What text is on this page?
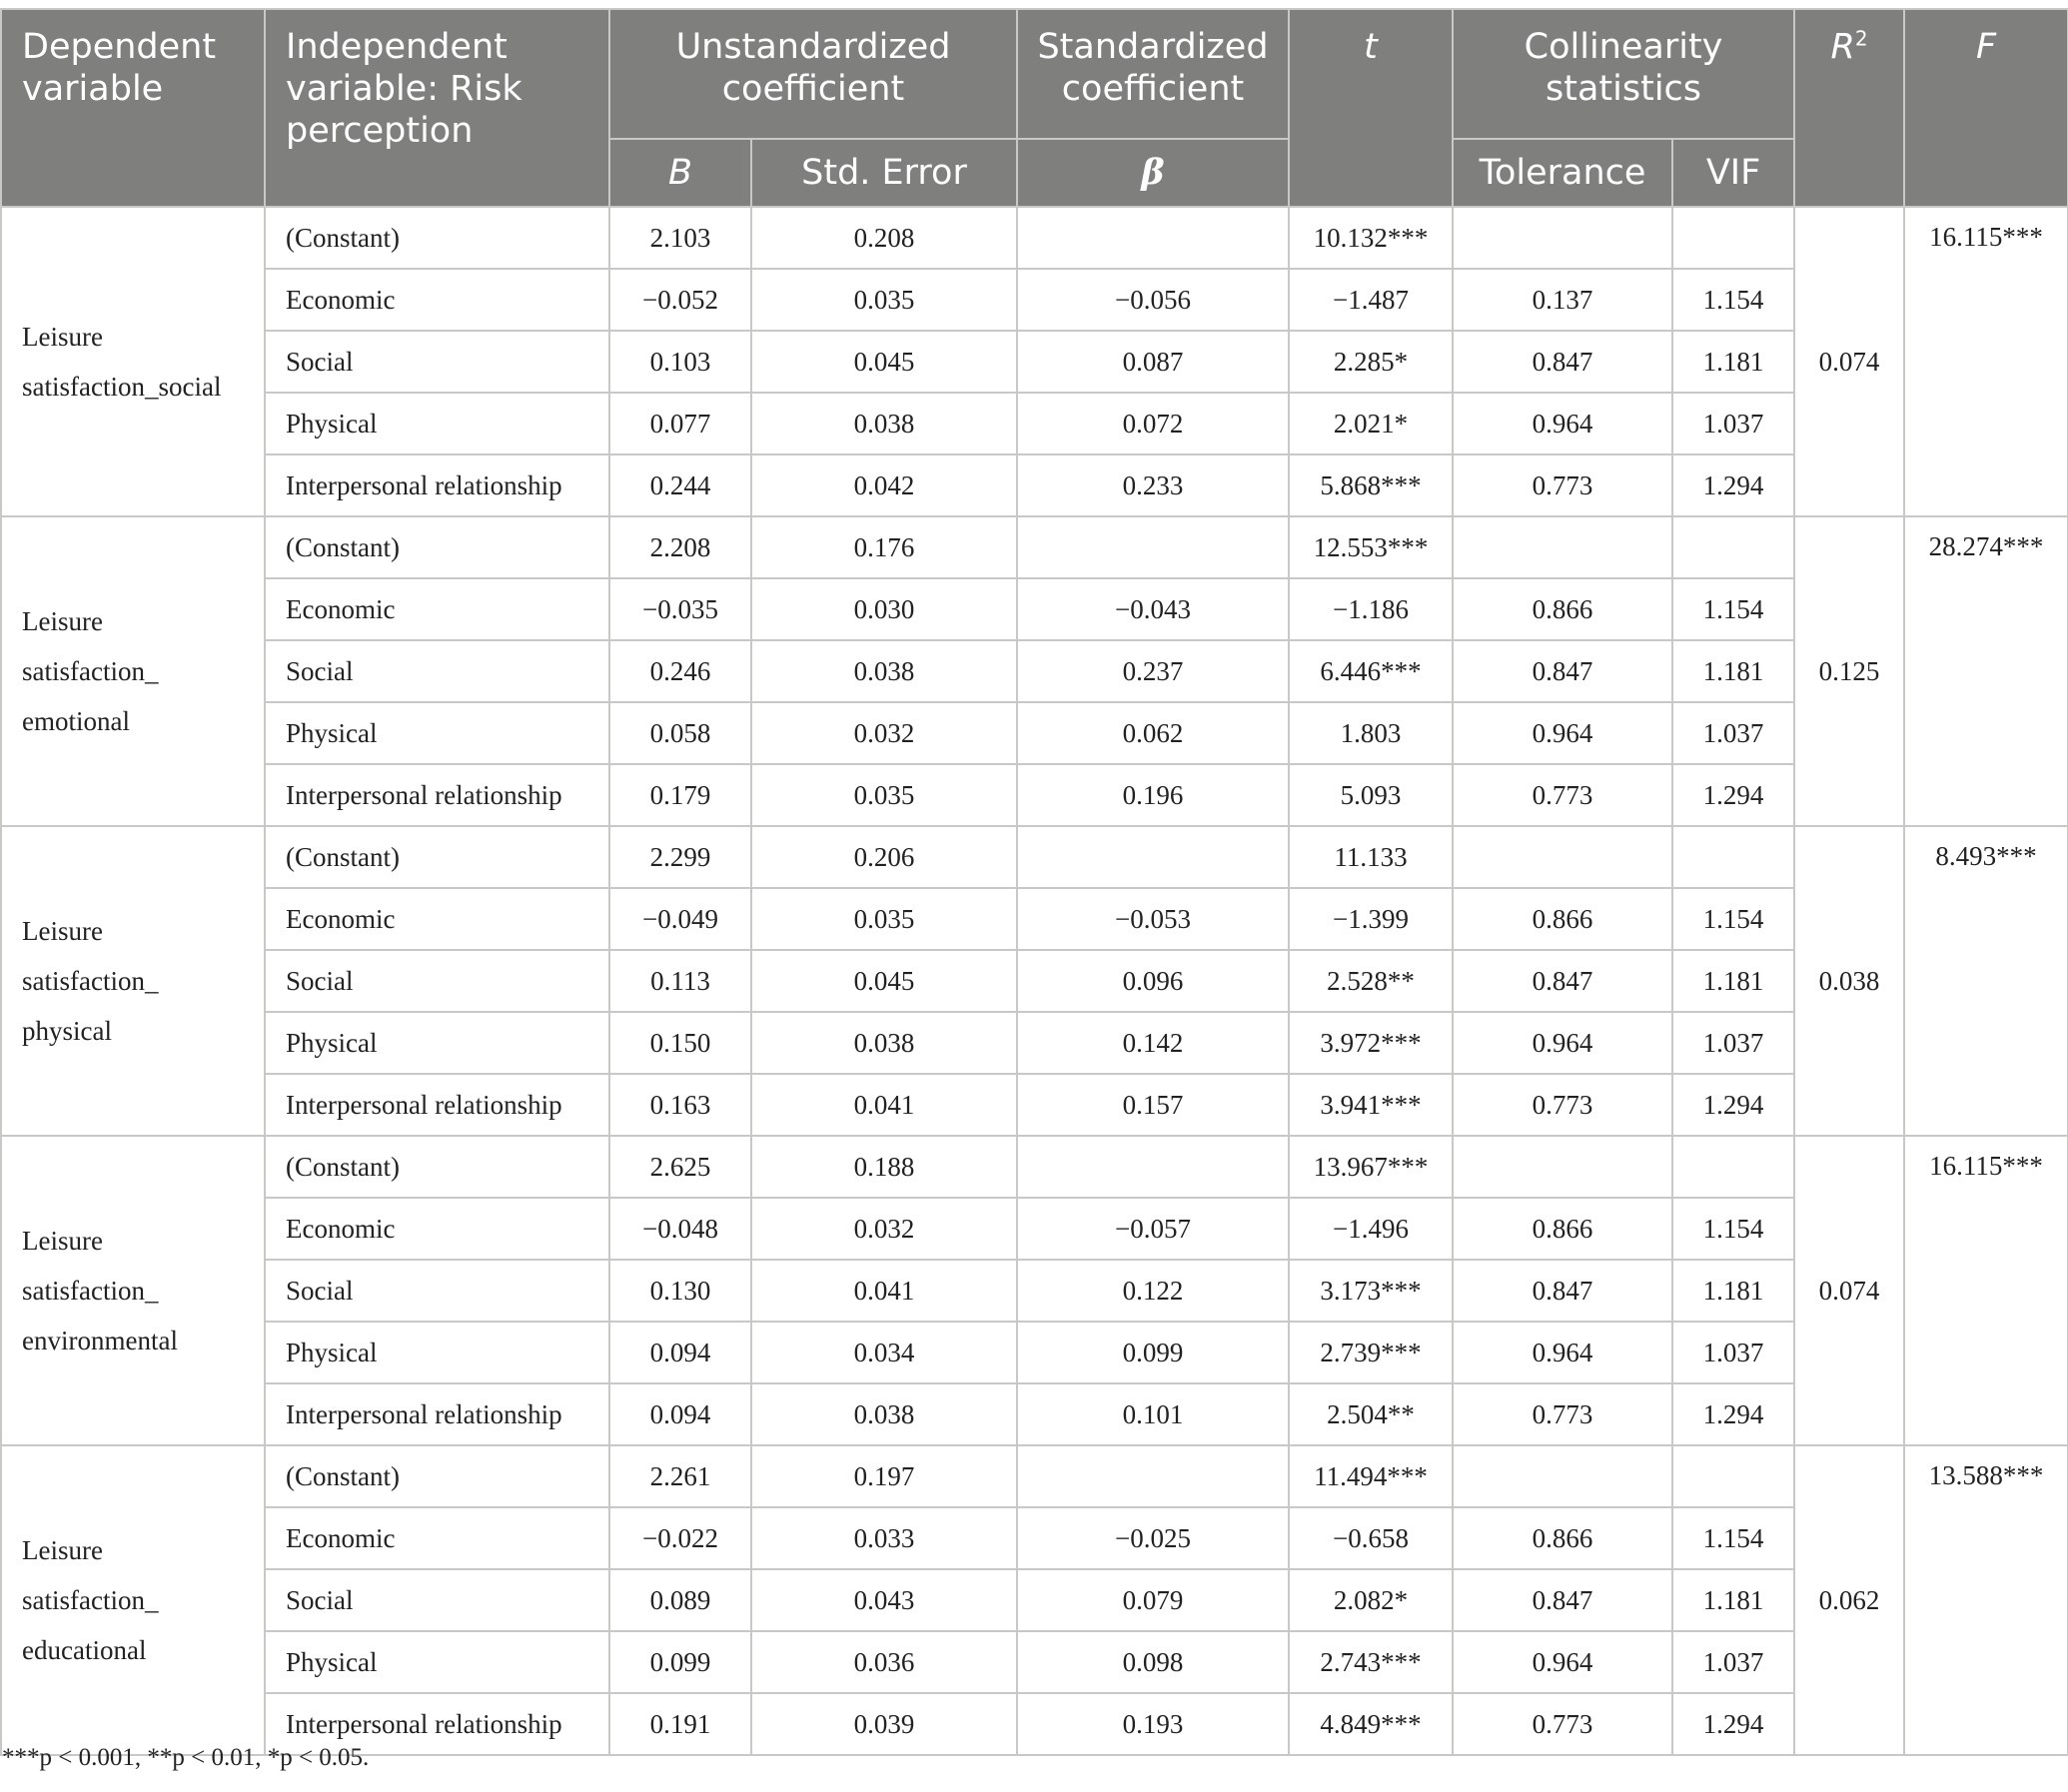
Dependent variable	Independent variable: Risk perception	Unstandardized coefficient		Standardized coefficient	t	Collinearity statistics		$R^2$	F
		B	Std. Error	β		Tolerance	VIF		
Leisure
satisfaction_social	(Constant)	2.103	0.208		10.132***			0.074	16.115***
	Economic	−0.052	0.035	−0.056	−1.487	0.137	1.154		
	Social	0.103	0.045	0.087	2.285*	0.847	1.181		
	Physical	0.077	0.038	0.072	2.021*	0.964	1.037		
	Interpersonal relationship	0.244	0.042	0.233	5.868***	0.773	1.294		
Leisure
satisfaction_
emotional	(Constant)	2.208	0.176		12.553***			0.125	28.274***
	Economic	−0.035	0.030	−0.043	−1.186	0.866	1.154		
	Social	0.246	0.038	0.237	6.446***	0.847	1.181		
	Physical	0.058	0.032	0.062	1.803	0.964	1.037		
	Interpersonal relationship	0.179	0.035	0.196	5.093	0.773	1.294		
Leisure
satisfaction_
physical	(Constant)	2.299	0.206		11.133			0.038	8.493***
	Economic	−0.049	0.035	−0.053	−1.399	0.866	1.154		
	Social	0.113	0.045	0.096	2.528**	0.847	1.181		
	Physical	0.150	0.038	0.142	3.972***	0.964	1.037		
	Interpersonal relationship	0.163	0.041	0.157	3.941***	0.773	1.294		
Leisure
satisfaction_
environmental	(Constant)	2.625	0.188		13.967***			0.074	16.115***
	Economic	−0.048	0.032	−0.057	−1.496	0.866	1.154		
	Social	0.130	0.041	0.122	3.173***	0.847	1.181		
	Physical	0.094	0.034	0.099	2.739***	0.964	1.037		
	Interpersonal relationship	0.094	0.038	0.101	2.504**	0.773	1.294		
Leisure
satisfaction_
educational	(Constant)	2.261	0.197		11.494***			0.062	13.588***
	Economic	−0.022	0.033	−0.025	−0.658	0.866	1.154		
	Social	0.089	0.043	0.079	2.082*	0.847	1.181		
	Physical	0.099	0.036	0.098	2.743***	0.964	1.037		
	Interpersonal relationship	0.191	0.039	0.193	4.849***	0.773	1.294		
***p < 0.001, **p < 0.01, *p < 0.05.
